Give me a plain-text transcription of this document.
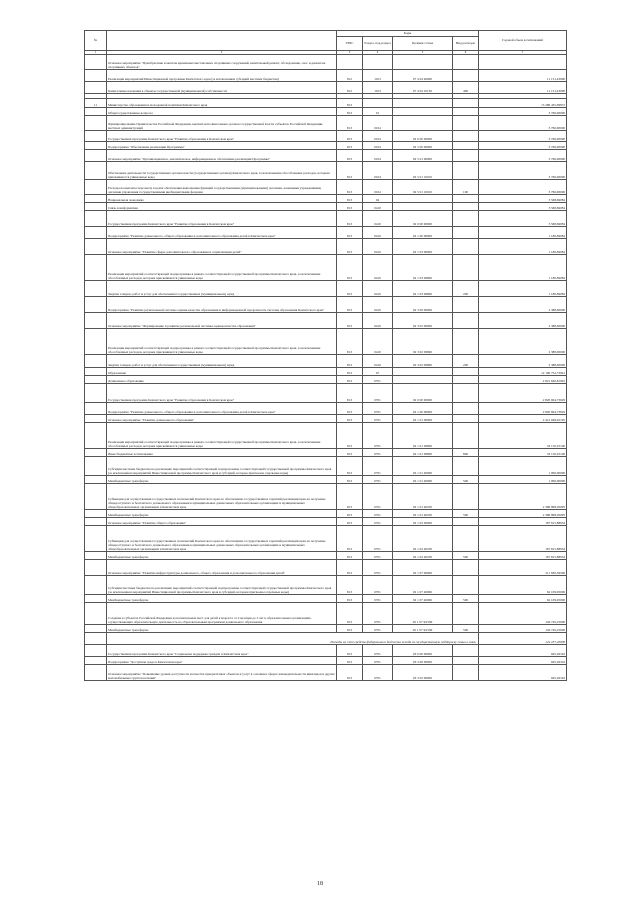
№		Коды				Годовой объем ассигнований
		ГРБС	Раздел, под-раздел	Целевая статья	Вид расходов	
1	2	3	4	5	6	7
	Основное мероприятие "Приобретение и монтаж временных выставочных спортивных сооружений, капитальный ремонт, обследование, снос и демонтаж спортивных объектов"					
	Реализация мероприятий Инвестиционной программы Камчатского края (за исключением субсидий местным бюджетам)	812	1103	07 4 04 40000		11 131,43000
	Капитальные вложения в объекты государственной (муниципальной) собственности	812	1103	07 4 04 10130	400	11 131,43000

11	Министерство образования и молодежной политики Камчатского края	813				13 286 435,99872
	Общегосударственные вопросы	813	01			3 766,00000
	Функционирование Правительства Российской Федерации, высших исполнительных органов государственной власти субъектов Российской Федерации, местных администраций	813	0104			3 766,00000
	Государственная программа Камчатского края "Развитие образования в Камчатском крае"	813	0104	02 0 00 00000		3 766,00000
	Подпрограмма "Обеспечение реализации Программы"	813	0104	02 5 00 00000		3 766,00000
	Основное мероприятие "Организационное, аналитическое, информационное обеспечение реализации Программы"	813	0104	02 5 01 00000		3 766,00000
	Обеспечение деятельности государственных органов власти (государственных органов) Камчатского края, за исключением обособленных расходов, которым присваиваются уникальные коды	813	0104	02 5 01 10010		3 766,00000
	Расходы на выплаты персоналу в целях обеспечения выполнения функций государственными (муниципальными) органами, казенными учреждениями, органами управления государственными внебюджетными фондами	813	0104	02 5 01 10010	100	3 766,00000
	Национальная экономика	813	04			3 568,69084
	Связь и информатика	813	0410			3 568,69084
	Государственная программа Камчатского края "Развитие образования в Камчатском крае"	813	0410	02 0 00 00000		3 568,69084
	Подпрограмма "Развитие дошкольного, общего образования и дополнительного образования детей в Камчатском крае"	813	0410	02 1 00 00000		1 180,69084
	Основное мероприятие "Развитие сферы дополнительного образования и социализации детей"	813	0410	02 1 03 00000		1 180,69084
	Реализация мероприятий соответствующей подпрограммы в рамках соответствующей государственной программы Камчатского края, за исключением обособленных расходов, которым присваиваются уникальные коды	813	0410	02 1 03 09990		1 180,69084
	Закупка товаров, работ и услуг для обеспечения государственных (муниципальных) нужд	813	0410	02 1 03 09990	200	1 180,69084
	Подпрограмма "Развитие региональной системы оценки качества образования и информационной прозрачности системы образования Камчатского края"	813	0410	02 3 00 00000		2 388,00000
	Основное мероприятие "Формирование и развитие региональной системы оценки качества образования"	813	0410	02 3 02 00000		2 388,00000
	Реализация мероприятий соответствующей подпрограммы в рамках соответствующей государственной программы Камчатского края, за исключением обособленных расходов, которым присваиваются уникальные коды	813	0410	02 3 02 09990		2 388,00000
	Закупка товаров, работ и услуг для обеспечения государственных (муниципальных) нужд	813	0410	02 3 02 09990	200	2 388,00000
	Образование	813	07			12 109 752,73941
	Дошкольное образование	813	0701			2 821 640,81945
	Государственная программа Камчатского края "Развитие образования в Камчатском крае"	813	0701	02 0 00 00000		2 820 694,73629
	Подпрограмма "Развитие дошкольного, общего образования и дополнительного образования детей в Камчатском крае"	813	0701	02 1 00 00000		2 820 694,73629
	Основное мероприятие "Развитие дошкольного образования"	813	0701	02 1 01 00000		2 421 048,45195
	Реализация мероприятий соответствующей подпрограммы в рамках соответствующей государственной программы Камчатского края, за исключением обособленных расходов, которым присваиваются уникальные коды	813	0701	02 1 01 09990		33 150,25100
	Иные бюджетные ассигнования	813	0701	02 1 01 09990	800	33 150,25100
	Субсидии местным бюджетам на реализацию мероприятий соответствующей подпрограммы соответствующей государственной программы Камчатского края (за исключением мероприятий Инвестиционной программы Камчатского края и субсидий, которые присвоены отдельные коды)	813	0701	02 1 01 40060		1 000,00000
	Межбюджетные трансферты	813	0701	02 1 01 40060	500	1 000,00000
	Субвенции для осуществления государственных полномочий Камчатского края по обеспечению государственных гарантий реализации прав на получение общедоступного и бесплатного дошкольного образования в муниципальных дошкольных образовательных организациях и муниципальных общеобразовательных организациях в Камчатском крае	813	0701	02 1 01 40230		2 386 898,20095
	Межбюджетные трансферты	813	0701	02 1 01 40230	500	2 386 898,20095
	Основное мероприятие "Развитие общего образования"	813	0701	02 1 02 00000		187 815,88934
	Субвенции для осуществления государственных полномочий Камчатского края по обеспечению государственных гарантий реализации прав на получение общедоступного и бесплатного дошкольного образования в муниципальных дошкольных образовательных организациях и муниципальных общеобразовательных организациях в Камчатском крае	813	0701	02 1 02 40230		187 815,88934
	Межбюджетные трансферты	813	0701	02 1 02 40230	500	187 815,88934
	Основное мероприятие "Развитие инфраструктуры дошкольного, общего образования и дополнительного образования детей"	813	0701	02 1 07 00000		211 830,39500
	Субсидии местным бюджетам на реализацию мероприятий соответствующей подпрограммы соответствующей государственной программы Камчатского края (за исключением мероприятий Инвестиционной программы Камчатского края и субсидий, которым присвоены отдельные коды)	813	0701	02 1 07 40060		62 109,95000
	Межбюджетные трансферты	813	0701	02 1 07 40060	500	62 109,95000
	Создание в субъектах Российской Федерации дополнительных мест для детей в возрасте от 2 месяцев до 3 лет в образовательных организациях, осуществляющих образовательную деятельность по образовательным программам дошкольного образования	813	0701	02 1 07 R1590		149 720,25000
	Межбюджетные трансферты	813	0701	02 1 07 R1590	500	149 720,25000
	Расходы за счет средств федерального бюджета исходя из государственную поддержку семьи в связи					142 237,20000
	Государственная программа Камчатского края "Социальная поддержка граждан в Камчатском крае"	813	0701	03 0 00 00000		945,26316
	Подпрограмма "Доступная среда в Камчатском крае"	813	0701	03 3 00 00000		945,26316
	Основное мероприятие "Повышение уровня доступности и качества приоритетных объектов и услуг в основных сферах жизнедеятельности инвалидов и других маломобильных групп населения"	813	0701	03 3 02 00000		945,26316
18
